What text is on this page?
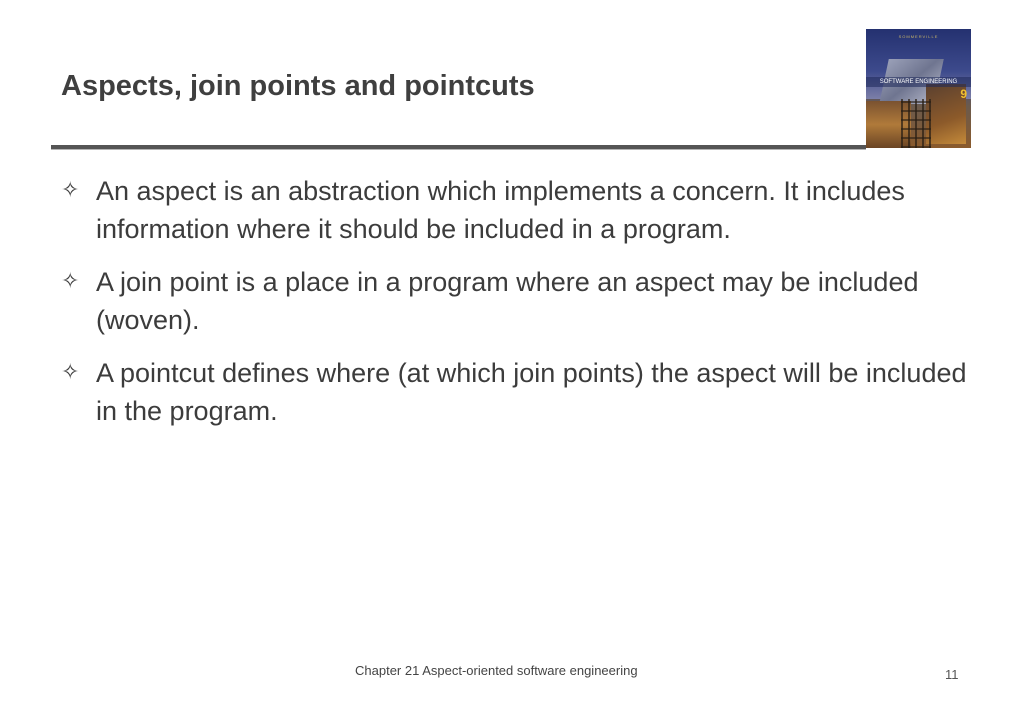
Aspects, join points and pointcuts
SOMMERVILLE
SOFTWARE ENGINEERING
9
✧ An aspect is an abstraction which implements a concern. It includes information where it should be included in a program.
✧ A join point is a place in a program where an aspect may be included (woven).
✧ A pointcut defines where (at which join points) the aspect will be included in the program.
Chapter 21 Aspect-oriented software engineering	11
